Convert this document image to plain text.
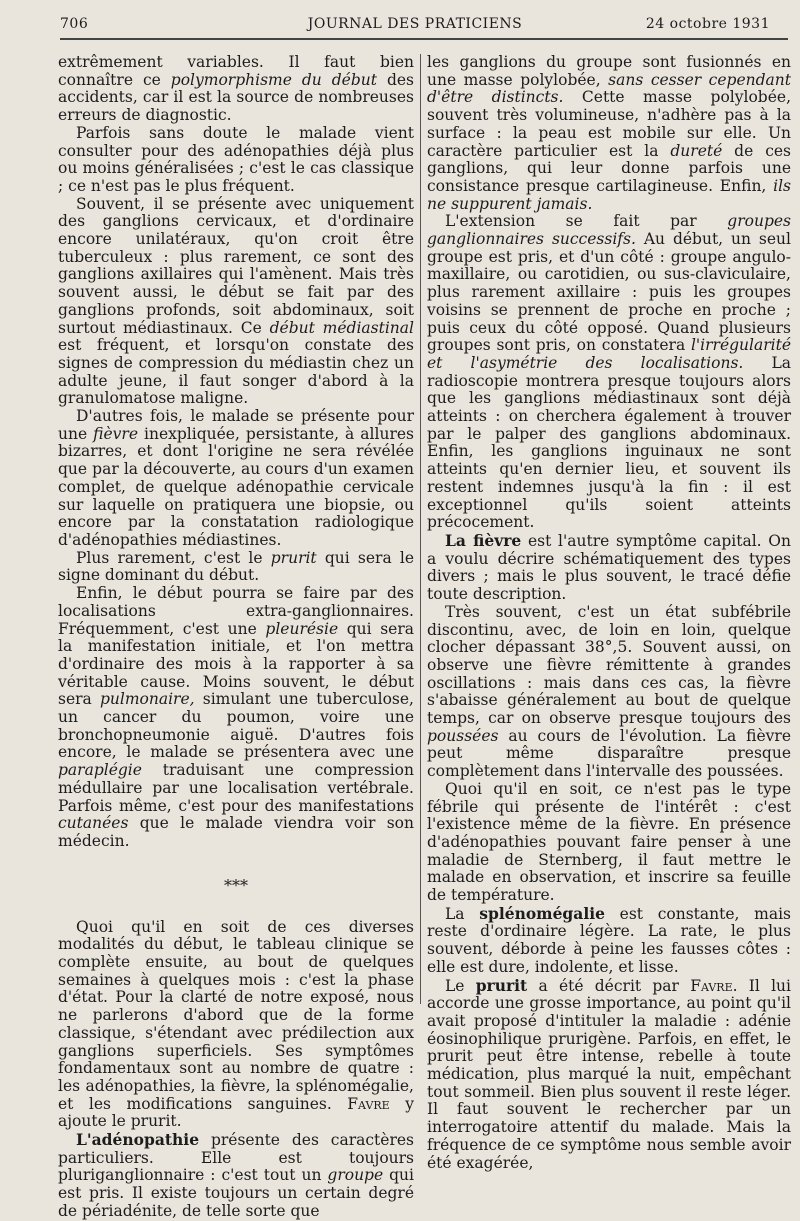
706	JOURNAL DES PRATICIENS	24 octobre 1931

extrêmement variables. Il faut bien connaître ce polymorphisme du début des accidents, car il est la source de nombreuses erreurs de diagnostic.

Parfois sans doute le malade vient consulter pour des adénopathies déjà plus ou moins généralisées ; c'est le cas classique ; ce n'est pas le plus fréquent.

Souvent, il se présente avec uniquement des ganglions cervicaux, et d'ordinaire encore unilatéraux, qu'on croit être tuberculeux : plus rarement, ce sont des ganglions axillaires qui l'amènent. Mais très souvent aussi, le début se fait par des ganglions profonds, soit abdominaux, soit surtout médiastinaux. Ce début médiastinal est fréquent, et lorsqu'on constate des signes de compression du médiastin chez un adulte jeune, il faut songer d'abord à la granulomatose maligne.

D'autres fois, le malade se présente pour une fièvre inexpliquée, persistante, à allures bizarres, et dont l'origine ne sera révélée que par la découverte, au cours d'un examen complet, de quelque adénopathie cervicale sur laquelle on pratiquera une biopsie, ou encore par la constatation radiologique d'adénopathies médiastines.

Plus rarement, c'est le prurit qui sera le signe dominant du début.

Enfin, le début pourra se faire par des localisations extra-ganglionnaires. Fréquemment, c'est une pleurésie qui sera la manifestation initiale, et l'on mettra d'ordinaire des mois à la rapporter à sa véritable cause. Moins souvent, le début sera pulmonaire, simulant une tuberculose, un cancer du poumon, voire une bronchopneumonie aiguë. D'autres fois encore, le malade se présentera avec une paraplégie traduisant une compression médullaire par une localisation vertébrale. Parfois même, c'est pour des manifestations cutanées que le malade viendra voir son médecin.

***

Quoi qu'il en soit de ces diverses modalités du début, le tableau clinique se complète ensuite, au bout de quelques semaines à quelques mois : c'est la phase d'état. Pour la clarté de notre exposé, nous ne parlerons d'abord que de la forme classique, s'étendant avec prédilection aux ganglions superficiels. Ses symptômes fondamentaux sont au nombre de quatre : les adénopathies, la fièvre, la splénomégalie, et les modifications sanguines. Favre y ajoute le prurit.

L'adénopathie présente des caractères particuliers. Elle est toujours pluriganglionnaire : c'est tout un groupe qui est pris. Il existe toujours un certain degré de périadénite, de telle sorte que

les ganglions du groupe sont fusionnés en une masse polylobée, sans cesser cependant d'être distincts. Cette masse polylobée, souvent très volumineuse, n'adhère pas à la surface : la peau est mobile sur elle. Un caractère particulier est la dureté de ces ganglions, qui leur donne parfois une consistance presque cartilagineuse. Enfin, ils ne suppurent jamais.

L'extension se fait par groupes ganglionnaires successifs. Au début, un seul groupe est pris, et d'un côté : groupe angulo-maxillaire, ou carotidien, ou sus-claviculaire, plus rarement axillaire : puis les groupes voisins se prennent de proche en proche ; puis ceux du côté opposé. Quand plusieurs groupes sont pris, on constatera l'irrégularité et l'asymétrie des localisations. La radioscopie montrera presque toujours alors que les ganglions médiastinaux sont déjà atteints : on cherchera également à trouver par le palper des ganglions abdominaux. Enfin, les ganglions inguinaux ne sont atteints qu'en dernier lieu, et souvent ils restent indemnes jusqu'à la fin : il est exceptionnel qu'ils soient atteints précocement.

La fièvre est l'autre symptôme capital. On a voulu décrire schématiquement des types divers ; mais le plus souvent, le tracé défie toute description.

Très souvent, c'est un état subfébrile discontinu, avec, de loin en loin, quelque clocher dépassant 38°,5. Souvent aussi, on observe une fièvre rémittente à grandes oscillations : mais dans ces cas, la fièvre s'abaisse généralement au bout de quelque temps, car on observe presque toujours des poussées au cours de l'évolution. La fièvre peut même disparaître presque complètement dans l'intervalle des poussées.

Quoi qu'il en soit, ce n'est pas le type fébrile qui présente de l'intérêt : c'est l'existence même de la fièvre. En présence d'adénopathies pouvant faire penser à une maladie de Sternberg, il faut mettre le malade en observation, et inscrire sa feuille de température.

La splénomégalie est constante, mais reste d'ordinaire légère. La rate, le plus souvent, déborde à peine les fausses côtes : elle est dure, indolente, et lisse.

Le prurit a été décrit par Favre. Il lui accorde une grosse importance, au point qu'il avait proposé d'intituler la maladie : adénie éosinophilique prurigène. Parfois, en effet, le prurit peut être intense, rebelle à toute médication, plus marqué la nuit, empêchant tout sommeil. Bien plus souvent il reste léger. Il faut souvent le rechercher par un interrogatoire attentif du malade. Mais la fréquence de ce symptôme nous semble avoir été exagérée,
